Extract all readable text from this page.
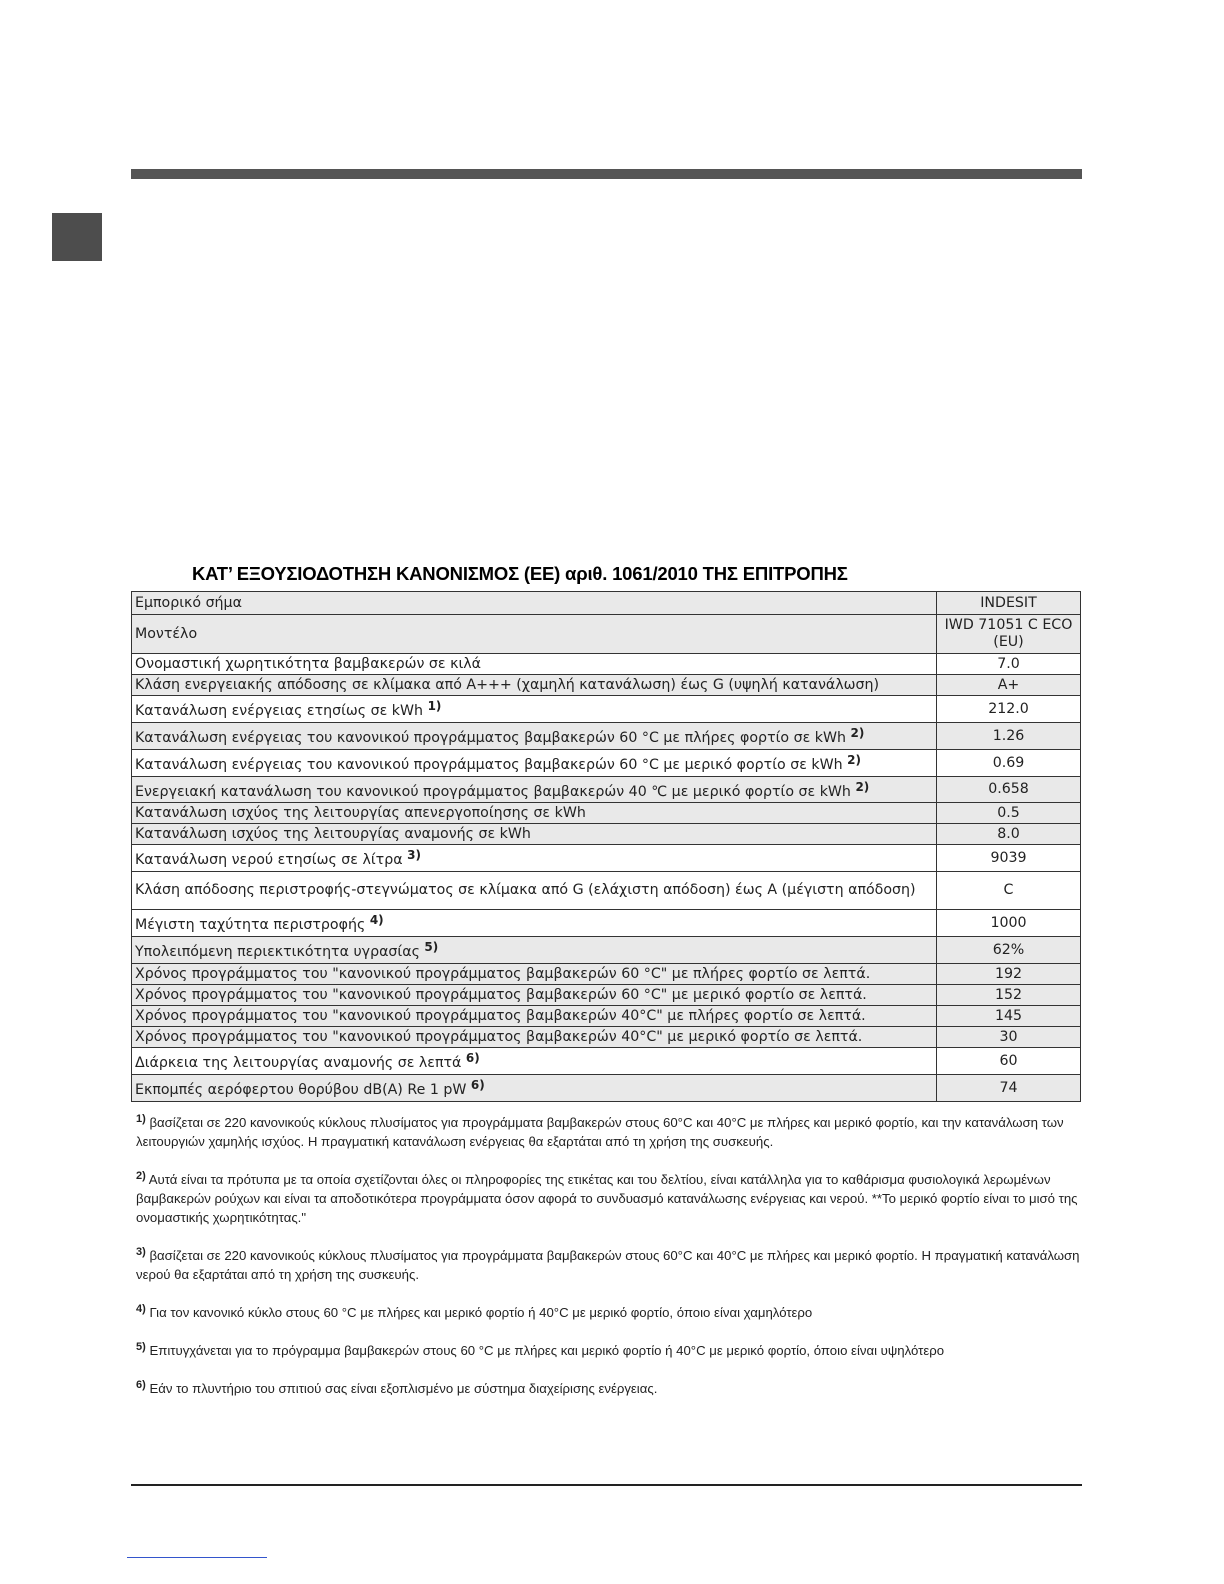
ΚΑΤ’ ΕΞΟΥΣΙΟΔΟΤΗΣΗ ΚΑΝΟΝΙΣΜΟΣ (ΕΕ) αριθ. 1061/2010 ΤΗΣ ΕΠΙΤΡΟΠΗΣ
Εμπορικό σήμα	INDESIT
Μοντέλο	IWD 71051 C ECO (EU)
Ονομαστική χωρητικότητα βαμβακερών σε κιλά	7.0
Κλάση ενεργειακής απόδοσης σε κλίμακα από A+++ (χαμηλή κατανάλωση) έως G (υψηλή κατανάλωση)	A+
Κατανάλωση ενέργειας ετησίως σε kWh $^{1)}$	212.0
Κατανάλωση ενέργειας του κανονικού προγράμματος βαμβακερών 60 °C με πλήρες φορτίο σε kWh $^{2)}$	1.26
Κατανάλωση ενέργειας του κανονικού προγράμματος βαμβακερών 60 °C με μερικό φορτίο σε kWh $^{2)}$	0.69
Ενεργειακή κατανάλωση του κανονικού προγράμματος βαμβακερών 40 ℃ με μερικό φορτίο σε kWh $^{2)}$	0.658
Κατανάλωση ισχύος της λειτουργίας απενεργοποίησης σε kWh	0.5
Κατανάλωση ισχύος της λειτουργίας αναμονής σε kWh	8.0
Κατανάλωση νερού ετησίως σε λίτρα $^{3)}$	9039
Κλάση απόδοσης περιστροφής-στεγνώματος σε κλίμακα από G (ελάχιστη απόδοση) έως A (μέγιστη απόδοση)	C
Μέγιστη ταχύτητα περιστροφής $^{4)}$	1000
Υπολειπόμενη περιεκτικότητα υγρασίας $^{5)}$	62%
Χρόνος προγράμματος του "κανονικού προγράμματος βαμβακερών 60 °C" με πλήρες φορτίο σε λεπτά.	192
Χρόνος προγράμματος του "κανονικού προγράμματος βαμβακερών 60 °C" με μερικό φορτίο σε λεπτά.	152
Χρόνος προγράμματος του "κανονικού προγράμματος βαμβακερών 40°C" με πλήρες φορτίο σε λεπτά.	145
Χρόνος προγράμματος του "κανονικού προγράμματος βαμβακερών 40°C" με μερικό φορτίο σε λεπτά.	30
Διάρκεια της λειτουργίας αναμονής σε λεπτά $^{6)}$	60
Εκπομπές αερόφερτου θορύβου dB(A) Re 1 pW $^{6)}$	74

$^{1)}$ βασίζεται σε 220 κανονικούς κύκλους πλυσίματος για προγράμματα βαμβακερών στους 60°C και 40°C με πλήρες και μερικό φορτίο, και την κατανάλωση των λειτουργιών χαμηλής ισχύος. Η πραγματική κατανάλωση ενέργειας θα εξαρτάται από τη χρήση της συσκευής.

$^{2)}$ Αυτά είναι τα πρότυπα με τα οποία σχετίζονται όλες οι πληροφορίες της ετικέτας και του δελτίου, είναι κατάλληλα για το καθάρισμα φυσιολογικά λερωμένων βαμβακερών ρούχων και είναι τα αποδοτικότερα προγράμματα όσον αφορά το συνδυασμό κατανάλωσης ενέργειας και νερού. **Το μερικό φορτίο είναι το μισό της ονομαστικής χωρητικότητας."

$^{3)}$ βασίζεται σε 220 κανονικούς κύκλους πλυσίματος για προγράμματα βαμβακερών στους 60°C και 40°C με πλήρες και μερικό φορτίο. Η πραγματική κατανάλωση νερού θα εξαρτάται από τη χρήση της συσκευής.

$^{4)}$ Για τον κανονικό κύκλο στους 60 °C με πλήρες και μερικό φορτίο ή 40°C με μερικό φορτίο, όποιο είναι χαμηλότερο

$^{5)}$ Επιτυγχάνεται για το πρόγραμμα βαμβακερών στους 60 °C με πλήρες και μερικό φορτίο ή 40°C με μερικό φορτίο, όποιο είναι υψηλότερο

$^{6)}$ Εάν το πλυντήριο του σπιτιού σας είναι εξοπλισμένο με σύστημα διαχείρισης ενέργειας.
